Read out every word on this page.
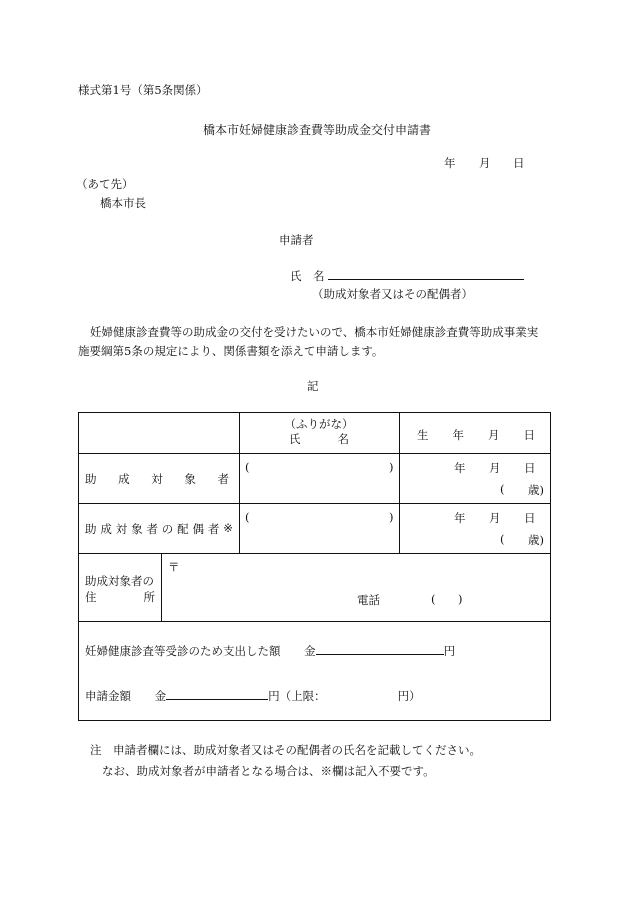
様式第1号（第5条関係）
橋本市妊婦健康診査費等助成金交付申請書
年 月 日
（あて先）
橋本市長
申請者
氏　名
（助成対象者又はその配偶者）
妊婦健康診査費等の助成金の交付を受けたいので、橋本市妊婦健康診査費等助成事業実
施要綱第5条の規定により、関係書類を添えて申請します。
記
（ふりがな）
氏	名	生 年 月 日
助 成 対 象 者
(	)	年 月 日
( 歳)
助 成 対 象 者 の 配 偶 者 ※
(	)	年 月 日
( 歳)
助成対象者の
住	所
〒
電話	( )
妊婦健康診査等受診のため支出した額 金	円
申請金額 金	円（上限：	円）
注　申請者欄には、助成対象者又はその配偶者の氏名を記載してください。
なお、助成対象者が申請者となる場合は、※欄は記入不要です。
